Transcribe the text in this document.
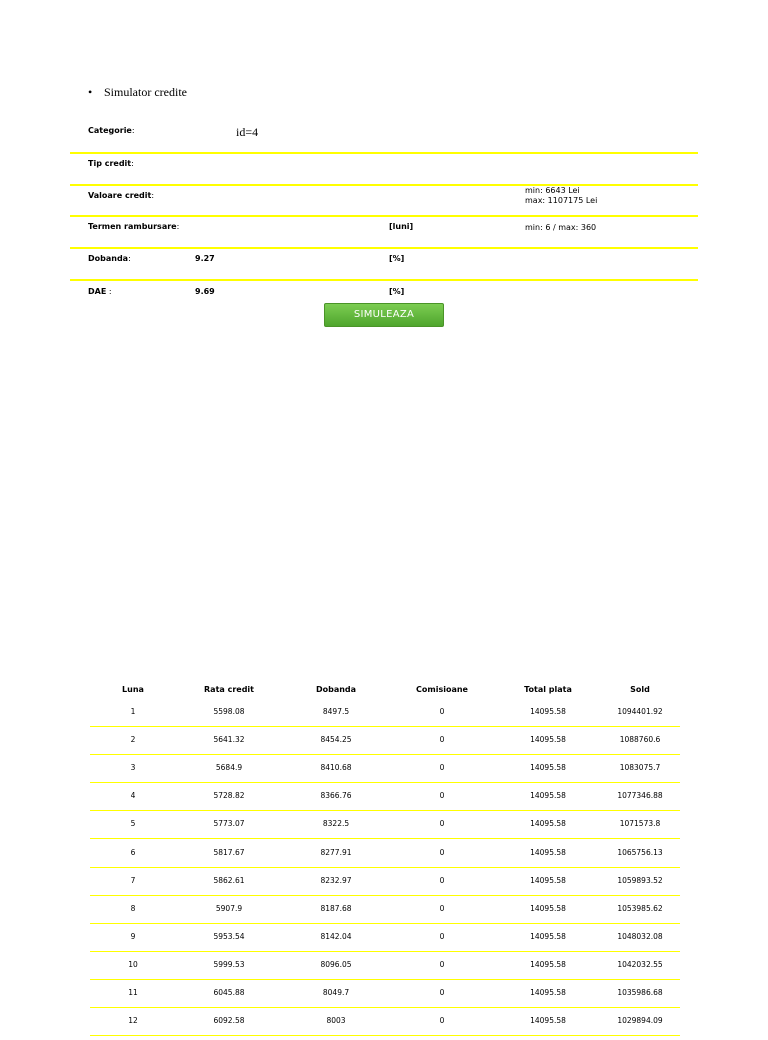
• Simulator credite
Categorie:	id=4
Tip credit:
Valoare credit:
min: 6643 Lei
max: 1107175 Lei
Termen rambursare:	[luni]	min: 6 / max: 360
Dobanda:	9.27	[%]
DAE :	9.69	[%]
SIMULEAZA
Luna	Rata credit	Dobanda	Comisioane	Total plata	Sold
1	5598.08	8497.5	0	14095.58	1094401.92
2	5641.32	8454.25	0	14095.58	1088760.6
3	5684.9	8410.68	0	14095.58	1083075.7
4	5728.82	8366.76	0	14095.58	1077346.88
5	5773.07	8322.5	0	14095.58	1071573.8
6	5817.67	8277.91	0	14095.58	1065756.13
7	5862.61	8232.97	0	14095.58	1059893.52
8	5907.9	8187.68	0	14095.58	1053985.62
9	5953.54	8142.04	0	14095.58	1048032.08
10	5999.53	8096.05	0	14095.58	1042032.55
11	6045.88	8049.7	0	14095.58	1035986.68
12	6092.58	8003	0	14095.58	1029894.09
